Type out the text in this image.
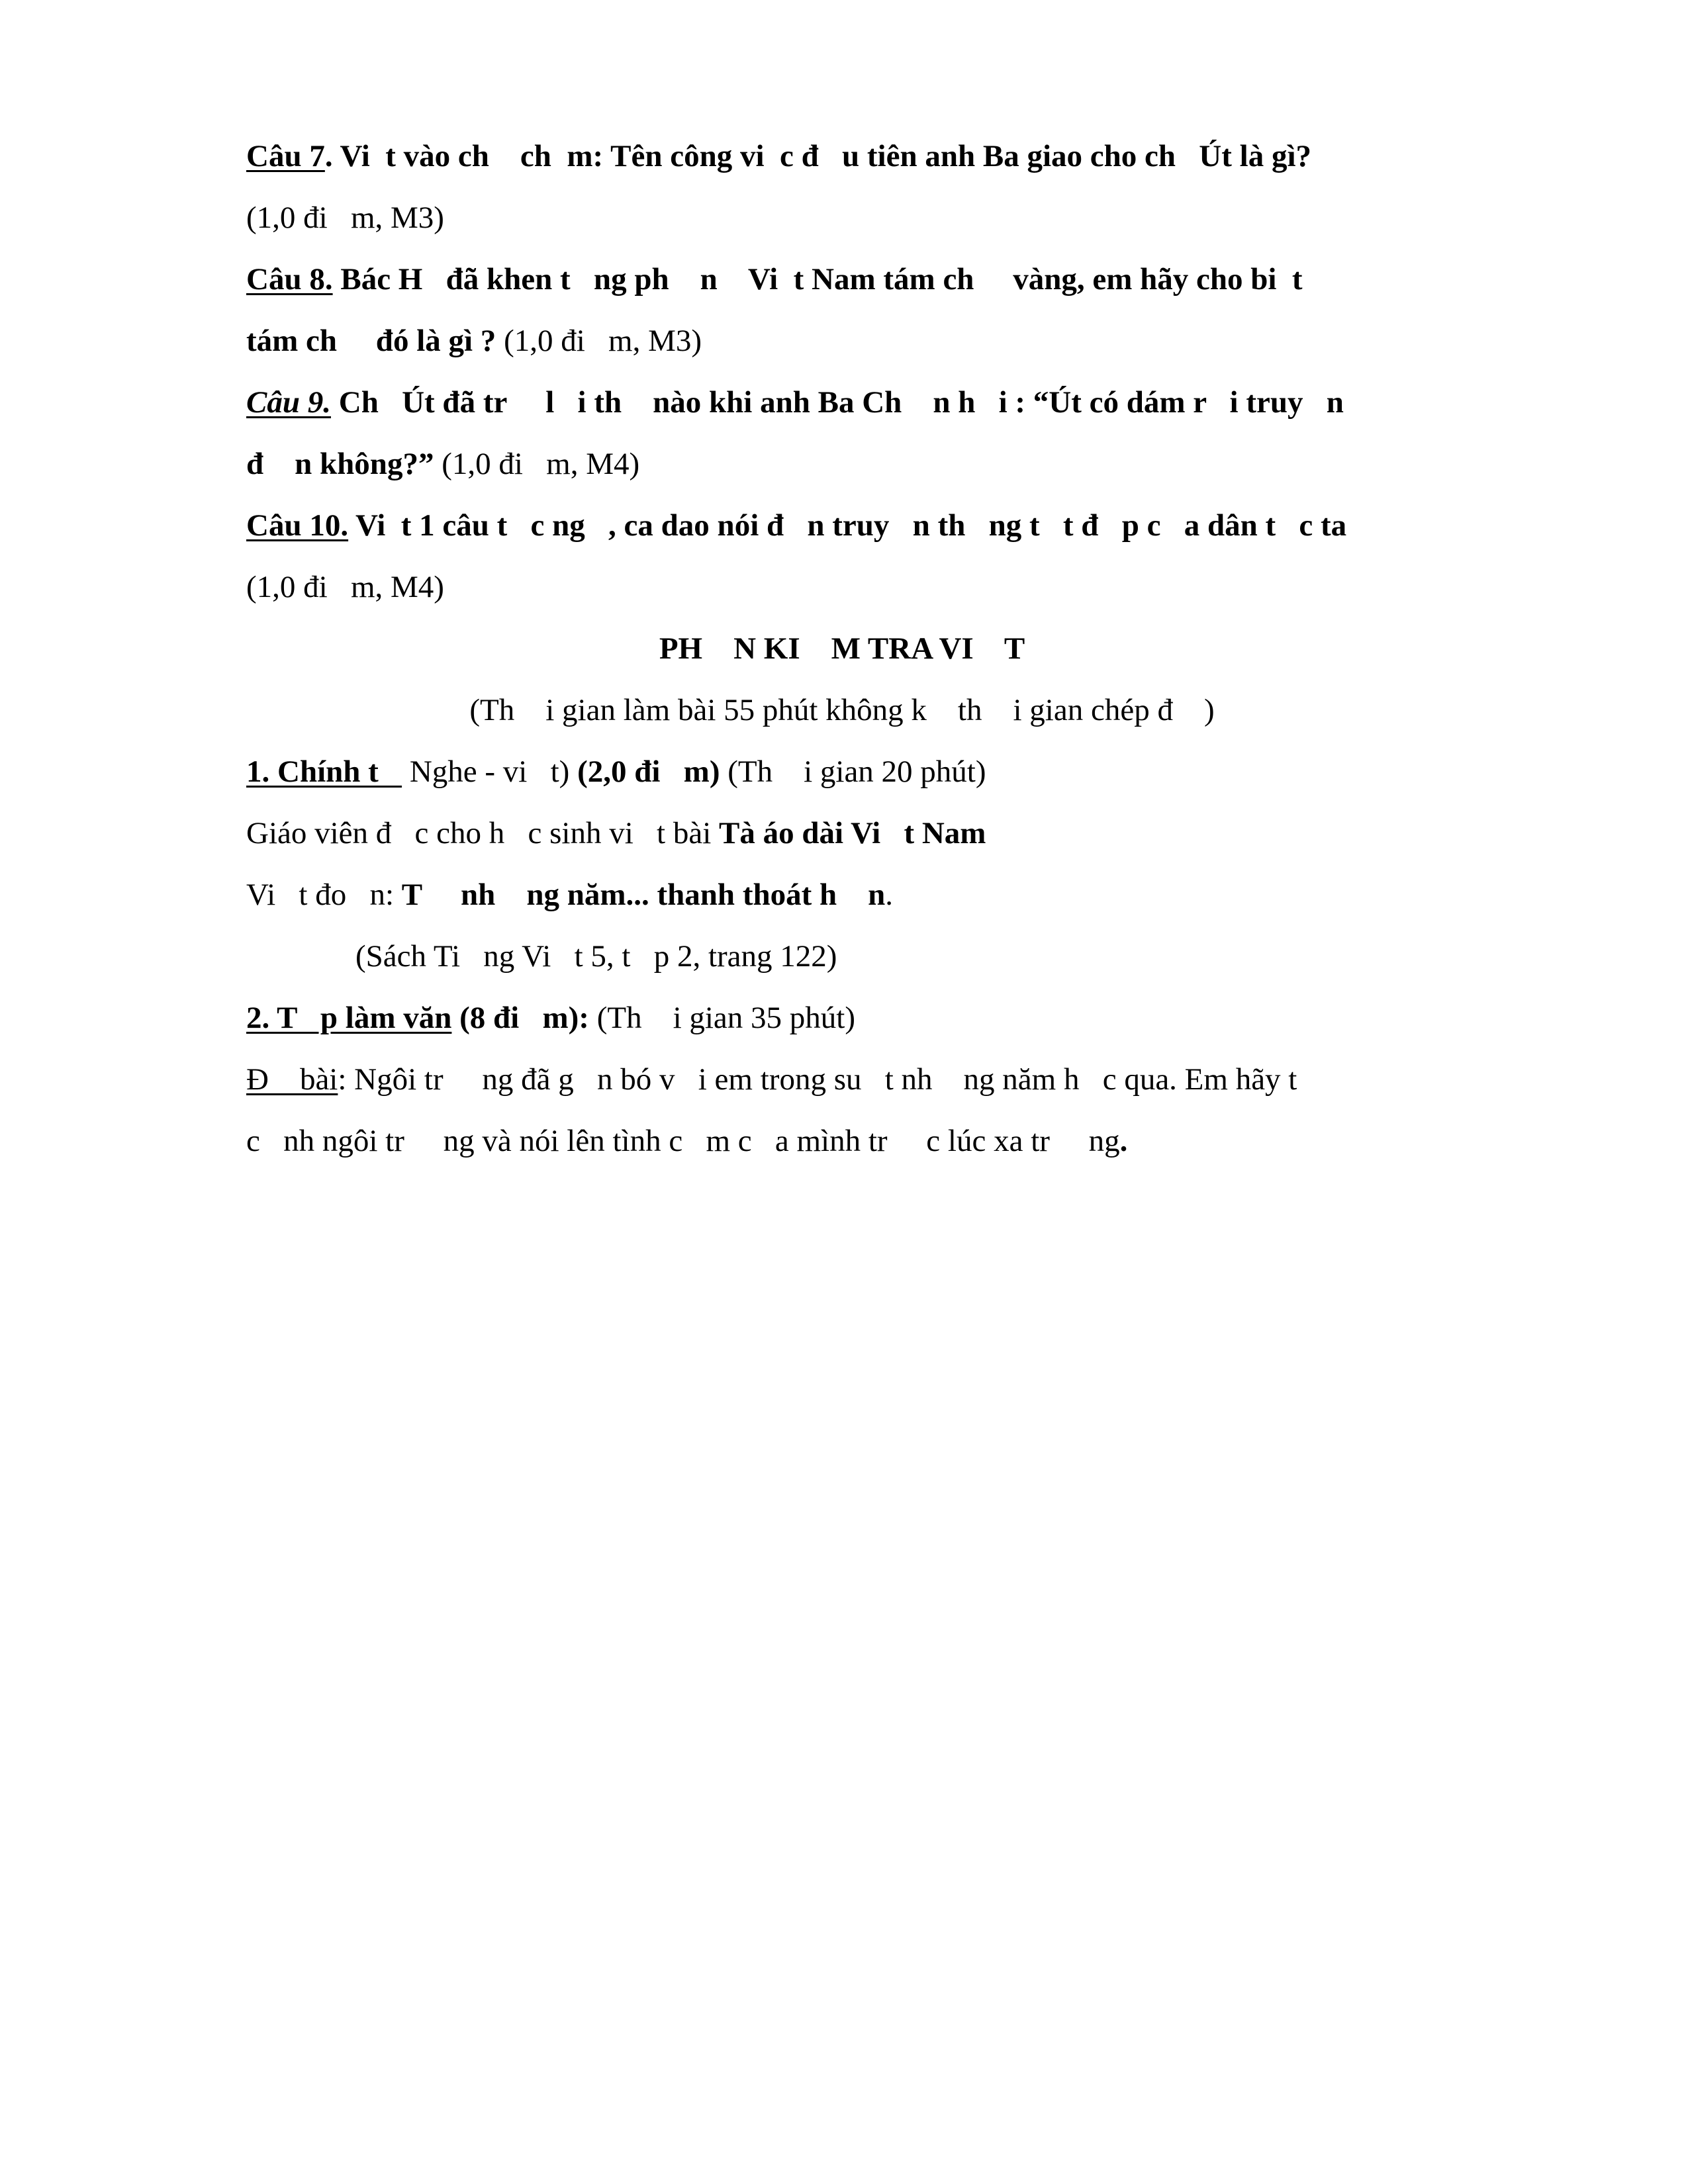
Câu 7. Vi  t vào ch    ch  m: Tên công vi  c đ   u tiên anh Ba giao cho ch   Út là gì?
(1,0 đi   m, M3)
Câu 8. Bác H   đã khen t   ng ph    n    Vi  t Nam tám ch     vàng, em hãy cho bi  t
tám ch     đó là gì ? (1,0 đi   m, M3)
Câu 9. Ch   Út đã tr     l   i th    nào khi anh Ba Ch    n h   i : “Út có dám r   i truy   n
đ    n không?” (1,0 đi   m, M4)
Câu 10. Vi  t 1 câu t   c ng   , ca dao nói đ   n truy   n th   ng t   t đ   p c   a dân t   c ta
(1,0 đi   m, M4)
PH    N KI    M TRA VI    T
(Th    i gian làm bài 55 phút không k    th    i gian chép đ    )
1. Chính t    Nghe - vi   t) (2,0 đi   m) (Th    i gian 20 phút)
Giáo viên đ   c cho h   c sinh vi   t bài Tà áo dài Vi   t Nam
Vi   t đo   n: T     nh    ng năm... thanh thoát h    n.
(Sách Ti   ng Vi   t 5, t   p 2, trang 122)
2. T   p làm văn (8 đi   m): (Th    i gian 35 phút)
Đ    bài: Ngôi tr     ng đã g   n bó v   i em trong su   t nh    ng năm h   c qua. Em hãy t
c   nh ngôi tr     ng và nói lên tình c   m c   a mình tr     c lúc xa tr     ng.
